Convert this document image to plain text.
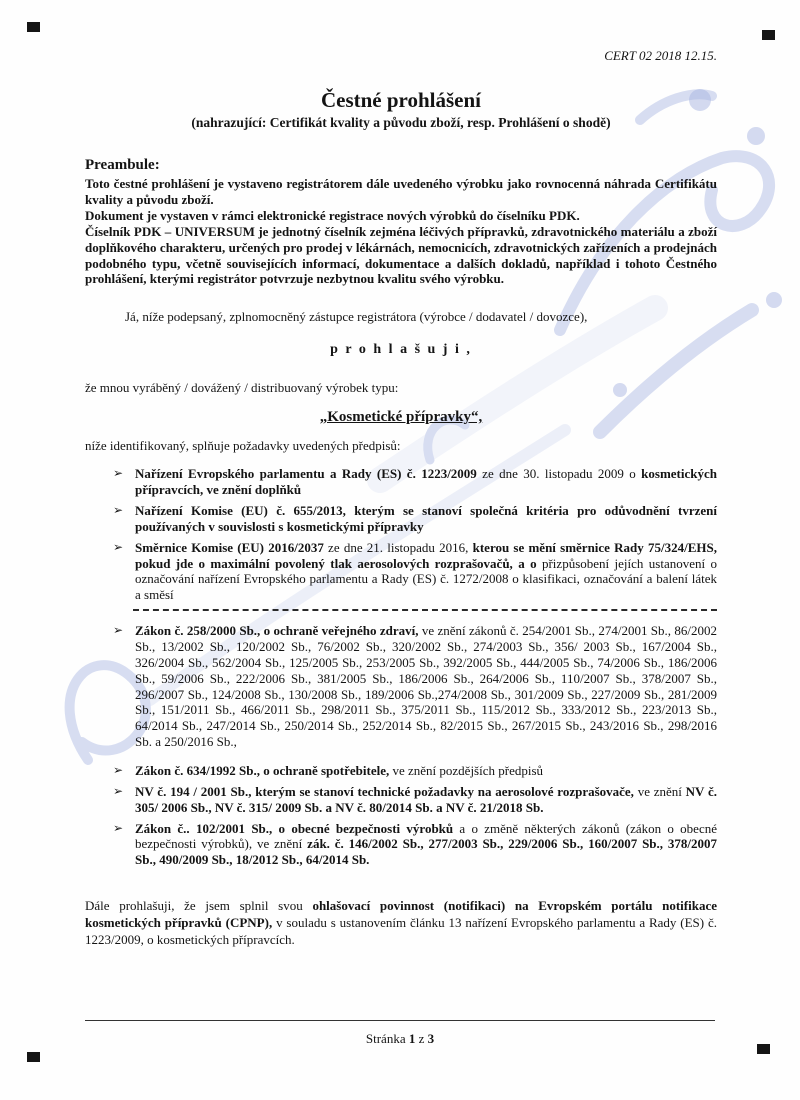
CERT 02 2018 12.15.
Čestné prohlášení
(nahrazující: Certifikát kvality a původu zboží, resp. Prohlášení o shodě)
Preambule:

Toto čestné prohlášení je vystaveno registrátorem dále uvedeného výrobku jako rovnocenná náhrada Certifikátu kvality a původu zboží.

Dokument je vystaven v rámci elektronické registrace nových výrobků do číselníku PDK.

Číselník PDK – UNIVERSUM je jednotný číselník zejména léčivých přípravků, zdravotnického materiálu a zboží doplňkového charakteru, určených pro prodej v lékárnách, nemocnicích, zdravotnických zařízeních a prodejnách podobného typu, včetně souvisejících informací, dokumentace a dalších dokladů, například i tohoto Čestného prohlášení, kterými registrátor potvrzuje nezbytnou kvalitu svého výrobku.

Já, níže podepsaný, zplnomocněný zástupce registrátora (výrobce / dodavatel / dovozce),

p r o h l a š u j i ,

že mnou vyráběný / dovážený / distribuovaný výrobek typu:

„Kosmetické přípravky“,

níže identifikovaný, splňuje požadavky uvedených předpisů:

➢ Nařízení Evropského parlamentu a Rady (ES) č. 1223/2009 ze dne 30. listopadu 2009 o kosmetických přípravcích, ve znění doplňků
➢ Nařízení Komise (EU) č. 655/2013, kterým se stanoví společná kritéria pro odůvodnění tvrzení používaných v souvislosti s kosmetickými přípravky
➢ Směrnice Komise (EU) 2016/2037 ze dne 21. listopadu 2016, kterou se mění směrnice Rady 75/324/EHS, pokud jde o maximální povolený tlak aerosolových rozprašovačů, a o přizpůsobení jejích ustanovení o označování nařízení Evropského parlamentu a Rady (ES) č. 1272/2008 o klasifikaci, označování a balení látek a směsí
➢ Zákon č. 258/2000 Sb., o ochraně veřejného zdraví, ve znění zákonů č. 254/2001 Sb., 274/2001 Sb., 86/2002 Sb., 13/2002 Sb., 120/2002 Sb., 76/2002 Sb., 320/2002 Sb., 274/2003 Sb., 356/ 2003 Sb., 167/2004 Sb., 326/2004 Sb., 562/2004 Sb., 125/2005 Sb., 253/2005 Sb., 392/2005 Sb., 444/2005 Sb., 74/2006 Sb., 186/2006 Sb., 59/2006 Sb., 222/2006 Sb., 381/2005 Sb., 186/2006 Sb., 264/2006 Sb., 110/2007 Sb., 378/2007 Sb., 296/2007 Sb., 124/2008 Sb., 130/2008 Sb., 189/2006 Sb.,274/2008 Sb., 301/2009 Sb., 227/2009 Sb., 281/2009 Sb., 151/2011 Sb., 466/2011 Sb., 298/2011 Sb., 375/2011 Sb., 115/2012 Sb., 333/2012 Sb., 223/2013 Sb., 64/2014 Sb., 247/2014 Sb., 250/2014 Sb., 252/2014 Sb., 82/2015 Sb., 267/2015 Sb., 243/2016 Sb., 298/2016 Sb. a 250/2016 Sb.,
➢ Zákon č. 634/1992 Sb., o ochraně spotřebitele, ve znění pozdějších předpisů
➢ NV č. 194 / 2001 Sb., kterým se stanoví technické požadavky na aerosolové rozprašovače, ve znění NV č. 305/ 2006 Sb., NV č. 315/ 2009 Sb. a NV č. 80/2014 Sb. a NV č. 21/2018 Sb.
➢ Zákon č.. 102/2001 Sb., o obecné bezpečnosti výrobků a o změně některých zákonů (zákon o obecné bezpečnosti výrobků), ve znění zák. č. 146/2002 Sb., 277/2003 Sb., 229/2006 Sb., 160/2007 Sb., 378/2007 Sb., 490/2009 Sb., 18/2012 Sb., 64/2014 Sb.

Dále prohlašuji, že jsem splnil svou ohlašovací povinnost (notifikaci) na Evropském portálu notifikace kosmetických přípravků (CPNP), v souladu s ustanovením článku 13 nařízení Evropského parlamentu a Rady (ES) č. 1223/2009, o kosmetických přípravcích.

Stránka 1 z 3
